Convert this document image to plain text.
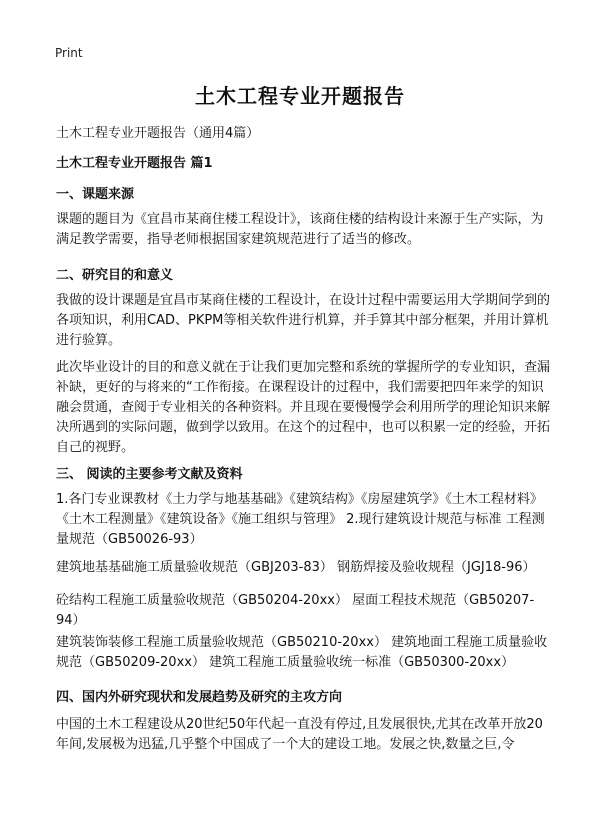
Print
土木工程专业开题报告
土木工程专业开题报告（通用4篇）
土木工程专业开题报告 篇1
一、课题来源
课题的题目为《宜昌市某商住楼工程设计》，该商住楼的结构设计来源于生产实际，为满足教学需要，指导老师根据国家建筑规范进行了适当的修改。
二、研究目的和意义
我做的设计课题是宜昌市某商住楼的工程设计，在设计过程中需要运用大学期间学到的各项知识，利用CAD、PKPM等相关软件进行机算，并手算其中部分框架，并用计算机进行验算。
此次毕业设计的目的和意义就在于让我们更加完整和系统的掌握所学的专业知识，查漏补缺，更好的与将来的“工作衔接。在课程设计的过程中，我们需要把四年来学的知识融会贯通，查阅于专业相关的各种资料。并且现在要慢慢学会利用所学的理论知识来解决所遇到的实际问题，做到学以致用。在这个的过程中，也可以积累一定的经验，开拓自己的视野。
三、 阅读的主要参考文献及资料
1.各门专业课教材《土力学与地基基础》《建筑结构》《房屋建筑学》《土木工程材料》《土木工程测量》《建筑设备》《施工组织与管理》 2.现行建筑设计规范与标准 工程测量规范（GB50026-93）
建筑地基基础施工质量验收规范（GBJ203-83） 钢筋焊接及验收规程（JGJ18-96）
砼结构工程施工质量验收规范（GB50204-20xx） 屋面工程技术规范（GB50207-94）
建筑装饰装修工程施工质量验收规范（GB50210-20xx） 建筑地面工程施工质量验收规范（GB50209-20xx） 建筑工程施工质量验收统一标准（GB50300-20xx）
四、国内外研究现状和发展趋势及研究的主攻方向
中国的土木工程建设从20世纪50年代起一直没有停过,且发展很快,尤其在改革开放20年间,发展极为迅猛,几乎整个中国成了一个大的建设工地。发展之快,数量之巨,令
